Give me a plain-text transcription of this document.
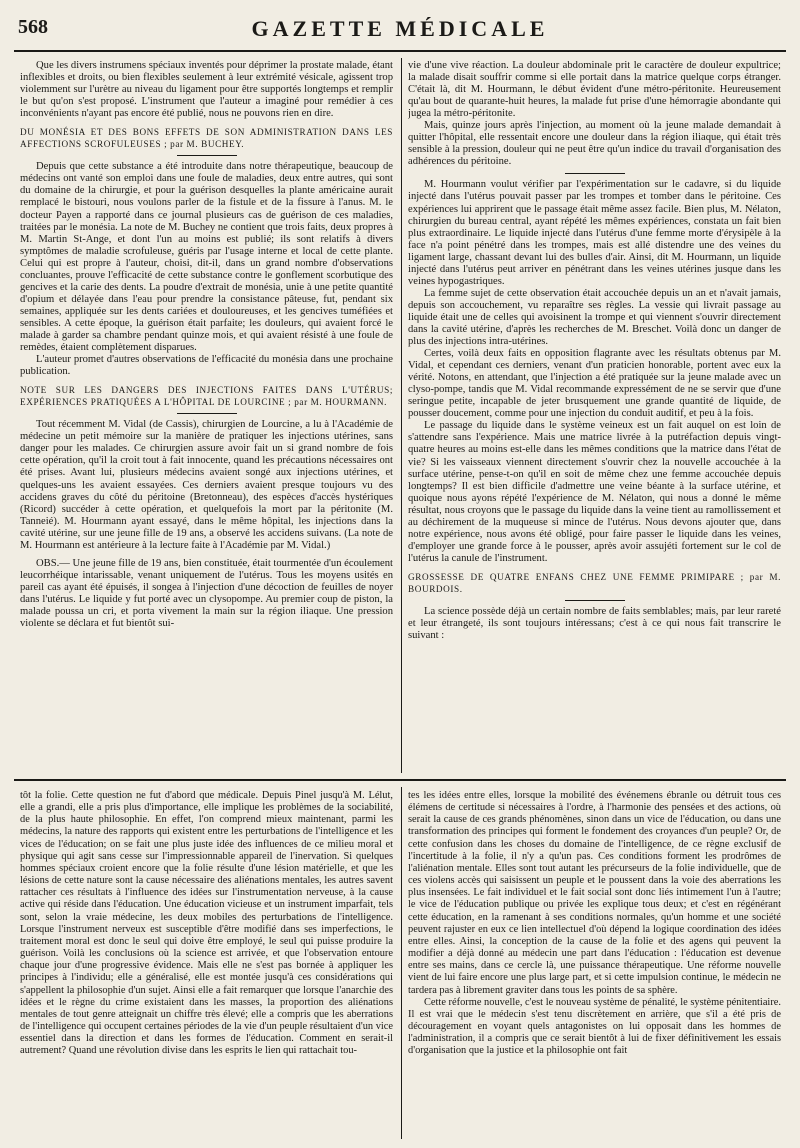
568	GAZETTE MÉDICALE

Que les divers instrumens spéciaux inventés pour déprimer la prostate malade, étant inflexibles et droits, ou bien flexibles seulement à leur extrémité vésicale, agissent trop violemment sur l'urètre au niveau du ligament pour être supportés longtemps et remplir le but qu'on s'est proposé. L'instrument que l'auteur a imaginé pour remédier à ces inconvénients n'ayant pas encore été publié, nous ne pouvons rien en dire.

DU MONÉSIA ET DES BONS EFFETS DE SON ADMINISTRATION DANS LES AFFECTIONS SCROFULEUSES ; par M. BUCHEY.

Depuis que cette substance a été introduite dans notre thérapeutique, beaucoup de médecins ont vanté son emploi dans une foule de maladies, deux entre autres, qui sont du domaine de la chirurgie, et pour la guérison desquelles la plante américaine aurait remplacé le bistouri, nous voulons parler de la fistule et de la fissure à l'anus. M. le docteur Payen a rapporté dans ce journal plusieurs cas de guérison de ces maladies, traitées par le monésia. La note de M. Buchey ne contient que trois faits, deux propres à M. Martin St-Ange, et dont l'un au moins est publié; ils sont relatifs à divers symptômes de maladie scrofuleuse, guéris par l'usage interne et local de cette plante. Celui qui est propre à l'auteur, choisi, dit-il, dans un grand nombre d'observations concluantes, prouve l'efficacité de cette substance contre le gonflement scorbutique des gencives et la carie des dents. La poudre d'extrait de monésia, unie à une petite quantité d'opium et délayée dans l'eau pour prendre la consistance pâteuse, fut, pendant six semaines, appliquée sur les dents cariées et douloureuses, et les gencives tuméfiées et sensibles. A cette époque, la guérison était parfaite; les douleurs, qui avaient forcé le malade à garder sa chambre pendant quinze mois, et qui avaient résisté à une foule de remèdes, étaient complètement disparues.

L'auteur promet d'autres observations de l'efficacité du monésia dans une prochaine publication.

NOTE SUR LES DANGERS DES INJECTIONS FAITES DANS L'UTÉRUS; EXPÉRIENCES PRATIQUÉES A L'HÔPITAL DE LOURCINE ; par M. HOURMANN.

Tout récemment M. Vidal (de Cassis), chirurgien de Lourcine, a lu à l'Académie de médecine un petit mémoire sur la manière de pratiquer les injections utérines, sans danger pour les malades. Ce chirurgien assure avoir fait un si grand nombre de fois cette opération, qu'il la croit tout à fait innocente, quand les précautions nécessaires ont été prises. Avant lui, plusieurs médecins avaient songé aux injections utérines, et quelques-uns les avaient essayées. Ces derniers avaient presque toujours vu des accidens graves du côté du péritoine (Bretonneau), des espèces d'accès hystériques (Ricord) succéder à cette opération, et quelquefois la mort par la péritonite (M. Tanneié). M. Hourmann ayant essayé, dans le même hôpital, les injections dans la cavité utérine, sur une jeune fille de 19 ans, a observé les accidens suivans. (La note de M. Hourmann est antérieure à la lecture faite à l'Académie par M. Vidal.)

OBS.— Une jeune fille de 19 ans, bien constituée, était tourmentée d'un écoulement leucorrhéique intarissable, venant uniquement de l'utérus. Tous les moyens usités en pareil cas ayant été épuisés, il songea à l'injection d'une décoction de feuilles de noyer dans l'utérus. Le liquide y fut porté avec un clysopompe. Au premier coup de piston, la malade poussa un cri, et porta vivement la main sur la région iliaque. Une pression violente se déclara et fut bientôt sui-

vie d'une vive réaction. La douleur abdominale prit le caractère de douleur expultrice; la malade disait souffrir comme si elle portait dans la matrice quelque corps étranger. C'était là, dit M. Hourmann, le début évident d'une métro-péritonite. Heureusement qu'au bout de quarante-huit heures, la malade fut prise d'une hémorragie abondante qui jugea la métro-péritonite.

Mais, quinze jours après l'injection, au moment où la jeune malade demandait à quitter l'hôpital, elle ressentait encore une douleur dans la région iliaque, qui était très sensible à la pression, douleur qui ne peut être qu'un indice du travail d'organisation des adhérences du péritoine.

M. Hourmann voulut vérifier par l'expérimentation sur le cadavre, si du liquide injecté dans l'utérus pouvait passer par les trompes et tomber dans le péritoine. Ces expériences lui apprirent que le passage était même assez facile. Bien plus, M. Nélaton, chirurgien du bureau central, ayant répété les mêmes expériences, constata un fait bien plus extraordinaire. Le liquide injecté dans l'utérus d'une femme morte d'érysipèle à la face n'a point pénétré dans les trompes, mais est allé distendre une des veines du ligament large, chassant devant lui des bulles d'air. Ainsi, dit M. Hourmann, un liquide injecté dans l'utérus peut arriver en pénétrant dans les veines utérines jusque dans les veines hypogastriques.

La femme sujet de cette observation était accouchée depuis un an et n'avait jamais, depuis son accouchement, vu reparaître ses règles. La vessie qui livrait passage au liquide était une de celles qui avoisinent la trompe et qui viennent s'ouvrir directement dans la cavité utérine, d'après les recherches de M. Breschet. Voilà donc un danger de plus des injections intra-utérines.

Certes, voilà deux faits en opposition flagrante avec les résultats obtenus par M. Vidal, et cependant ces derniers, venant d'un praticien honorable, portent avec eux la vérité. Notons, en attendant, que l'injection a été pratiquée sur la jeune malade avec un clyso-pompe, tandis que M. Vidal recommande expressément de ne se servir que d'une seringue petite, incapable de jeter brusquement une grande quantité de liquide, de pousser doucement, comme pour une injection du conduit auditif, et peu à la fois.

Le passage du liquide dans le système veineux est un fait auquel on est loin de s'attendre sans l'expérience. Mais une matrice livrée à la putréfaction depuis vingt-quatre heures au moins est-elle dans les mêmes conditions que la matrice dans l'état de vie? Si les vaisseaux viennent directement s'ouvrir chez la nouvelle accouchée à la surface utérine, pense-t-on qu'il en soit de même chez une femme accouchée depuis longtemps? Il est bien difficile d'admettre une veine béante à la surface utérine, et quoique nous ayons répété l'expérience de M. Nélaton, qui nous a donné le même résultat, nous croyons que le passage du liquide dans la veine tient au ramollissement et au déchirement de la muqueuse si mince de l'utérus. Nous devons ajouter que, dans notre expérience, nous avons été obligé, pour faire passer le liquide dans les veines, d'employer une grande force à le pousser, après avoir assujéti fortement sur le col de l'utérus la canule de l'instrument.

GROSSESSE DE QUATRE ENFANS CHEZ UNE FEMME PRIMIPARE ; par M. BOURDOIS.

La science possède déjà un certain nombre de faits semblables; mais, par leur rareté et leur étrangeté, ils sont toujours intéressans; c'est à ce qui nous fait transcrire le suivant :

tôt la folie. Cette question ne fut d'abord que médicale. Depuis Pinel jusqu'à M. Lélut, elle a grandi, elle a pris plus d'importance, elle implique les problèmes de la sociabilité, de la plus haute philosophie. En effet, l'on comprend mieux maintenant, parmi les médecins, la nature des rapports qui existent entre les perturbations de l'intelligence et les vices de l'éducation; on se fait une plus juste idée des influences de ce milieu moral et physique qui agit sans cesse sur l'impressionnable appareil de l'inervation. Si quelques hommes spéciaux croient encore que la folie résulte d'une lésion matérielle, et que les lésions de cette nature sont la cause nécessaire des aliénations mentales, les autres savent rattacher ces résultats à l'influence des idées sur l'instrumentation nerveuse, à la cause active qui réside dans l'éducation. Une éducation vicieuse et un instrument imparfait, tels sont, selon la vraie médecine, les deux mobiles des perturbations de l'intelligence. Lorsque l'instrument nerveux est susceptible d'être modifié dans ses imperfections, le traitement moral est donc le seul qui doive être employé, le seul qui puisse produire la guérison. Voilà les conclusions où la science est arrivée, et que l'observation entoure chaque jour d'une progressive évidence. Mais elle ne s'est pas bornée à appliquer les principes à l'individu; elle a généralisé, elle est montée jusqu'à ces considérations qui s'appellent la philosophie d'un sujet. Ainsi elle a fait remarquer que lorsque l'anarchie des idées et le règne du crime existaient dans les masses, la proportion des aliénations mentales de tout genre atteignait un chiffre très élevé; elle a compris que les aberrations de l'intelligence qui occupent certaines périodes de la vie d'un peuple résultaient d'un vice essentiel dans la direction et dans les formes de l'éducation. Comment en serait-il autrement? Quand une révolution divise dans les esprits le lien qui rattachait tou-

tes les idées entre elles, lorsque la mobilité des événemens ébranle ou détruit tous ces élémens de certitude si nécessaires à l'ordre, à l'harmonie des pensées et des actions, où serait la cause de ces grands phénomènes, sinon dans un vice de l'éducation, ou dans une transformation des principes qui forment le fondement des croyances d'un peuple? Or, de cette confusion dans les choses du domaine de l'intelligence, de ce règne exclusif de l'incertitude à la folie, il n'y a qu'un pas. Ces conditions forment les prodrômes de l'aliénation mentale. Elles sont tout autant les précurseurs de la folie individuelle, que de ces violens accès qui saisissent un peuple et le poussent dans la voie des aberrations les plus insensées. Le fait individuel et le fait social sont donc liés intimement l'un à l'autre; le vice de l'éducation publique ou privée les explique tous deux; et c'est en régénérant cette éducation, en la ramenant à ses conditions normales, qu'un homme et une société peuvent rajuster en eux ce lien intellectuel d'où dépend la logique coordination des idées entre elles. Ainsi, la conception de la cause de la folie et des agens qui peuvent la modifier a déjà donné au médecin une part dans l'éducation : l'éducation est devenue entre ses mains, dans ce cercle là, une puissance thérapeutique. Une réforme nouvelle vient de lui faire encore une plus large part, et si cette impulsion continue, le médecin ne tardera pas à librement graviter dans tous les points de sa sphère.

Cette réforme nouvelle, c'est le nouveau système de pénalité, le système pénitentiaire. Il est vrai que le médecin s'est tenu discrètement en arrière, que s'il a été pris de découragement en voyant quels antagonistes on lui opposait dans les hommes de l'administration, il a compris que ce serait bientôt à lui de fixer définitivement les essais d'organisation que la justice et la philosophie ont fait
